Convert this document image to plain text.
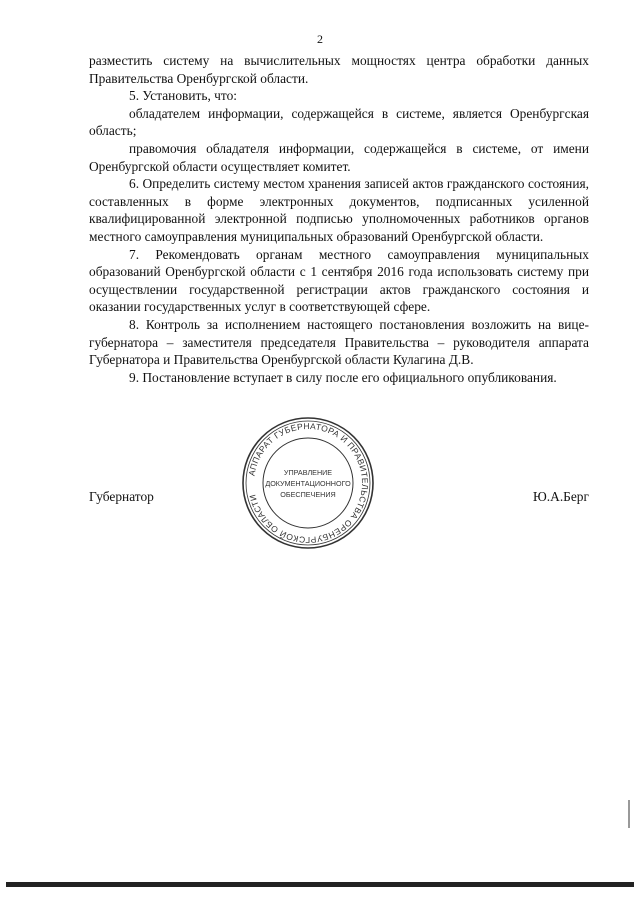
2

разместить систему на вычислительных мощностях центра обработки данных Правительства Оренбургской области.

5. Установить, что:

обладателем информации, содержащейся в системе, является Оренбургская область;

правомочия обладателя информации, содержащейся в системе, от имени Оренбургской области осуществляет комитет.

6. Определить систему местом хранения записей актов гражданского состояния, составленных в форме электронных документов, подписанных усиленной квалифицированной электронной подписью уполномоченных работников органов местного самоуправления муниципальных образований Оренбургской области.

7. Рекомендовать органам местного самоуправления муниципальных образований Оренбургской области с 1 сентября 2016 года использовать систему при осуществлении государственной регистрации актов гражданского состояния и оказании государственных услуг в соответствующей сфере.

8. Контроль за исполнением настоящего постановления возложить на вице-губернатора – заместителя председателя Правительства – руководителя аппарата Губернатора и Правительства Оренбургской области Кулагина Д.В.

9. Постановление вступает в силу после его официального опубликования.

Губернатор	Ю.А.Берг
АППАРАТ ГУБЕРНАТОРА И ПРАВИТЕЛЬСТВА ОРЕНБУРГСКОЙ ОБЛАСТИ
УПРАВЛЕНИЕ
ДОКУМЕНТАЦИОННОГО
ОБЕСПЕЧЕНИЯ
